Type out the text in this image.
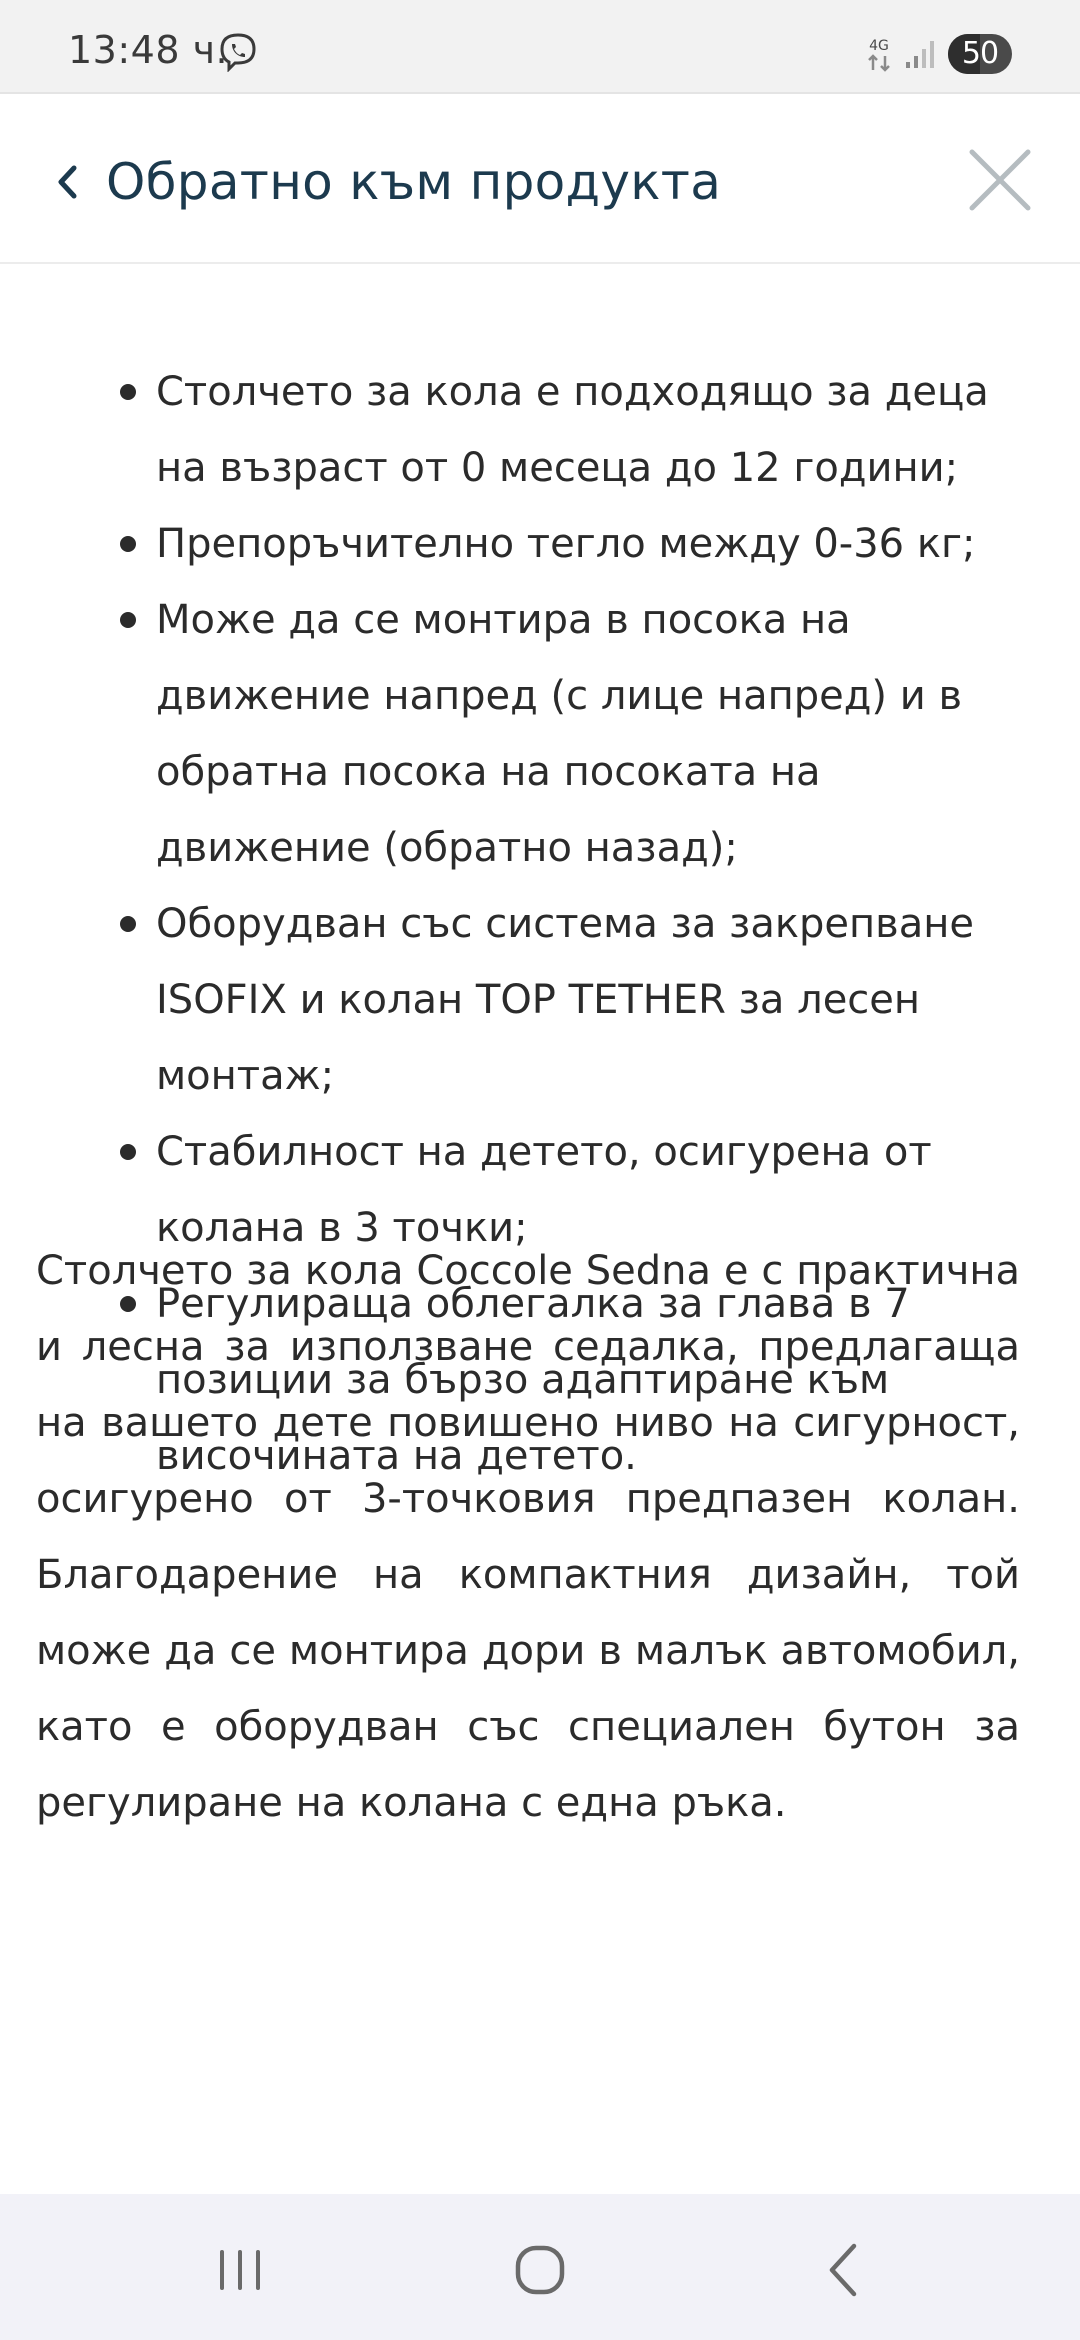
13:48 ч.	4G	50
Обратно към продукта
Столчето за кола е подходящо за деца на възраст от 0 месеца до 12 години;
Препоръчително тегло между 0-36 кг;
Може да се монтира в посока на движение напред (с лице напред) и в обратна посока на посоката на движение (обратно назад);
Оборудван със система за закрепване ISOFIX и колан TOP TETHER за лесен монтаж;
Стабилност на детето, осигурена от колана в 3 точки;
Регулираща облегалка за глава в 7 позиции за бързо адаптиране към височината на детето.

Столчето за кола Coccole Sedna е с практична и лесна за използване седалка, предлагаща на вашето дете повишено ниво на сигурност, осигурено от 3-точковия предпазен колан. Благодарение на компактния дизайн, той може да се монтира дори в малък автомобил, като е оборудван със специален бутон за регулиране на колана с една ръка.
